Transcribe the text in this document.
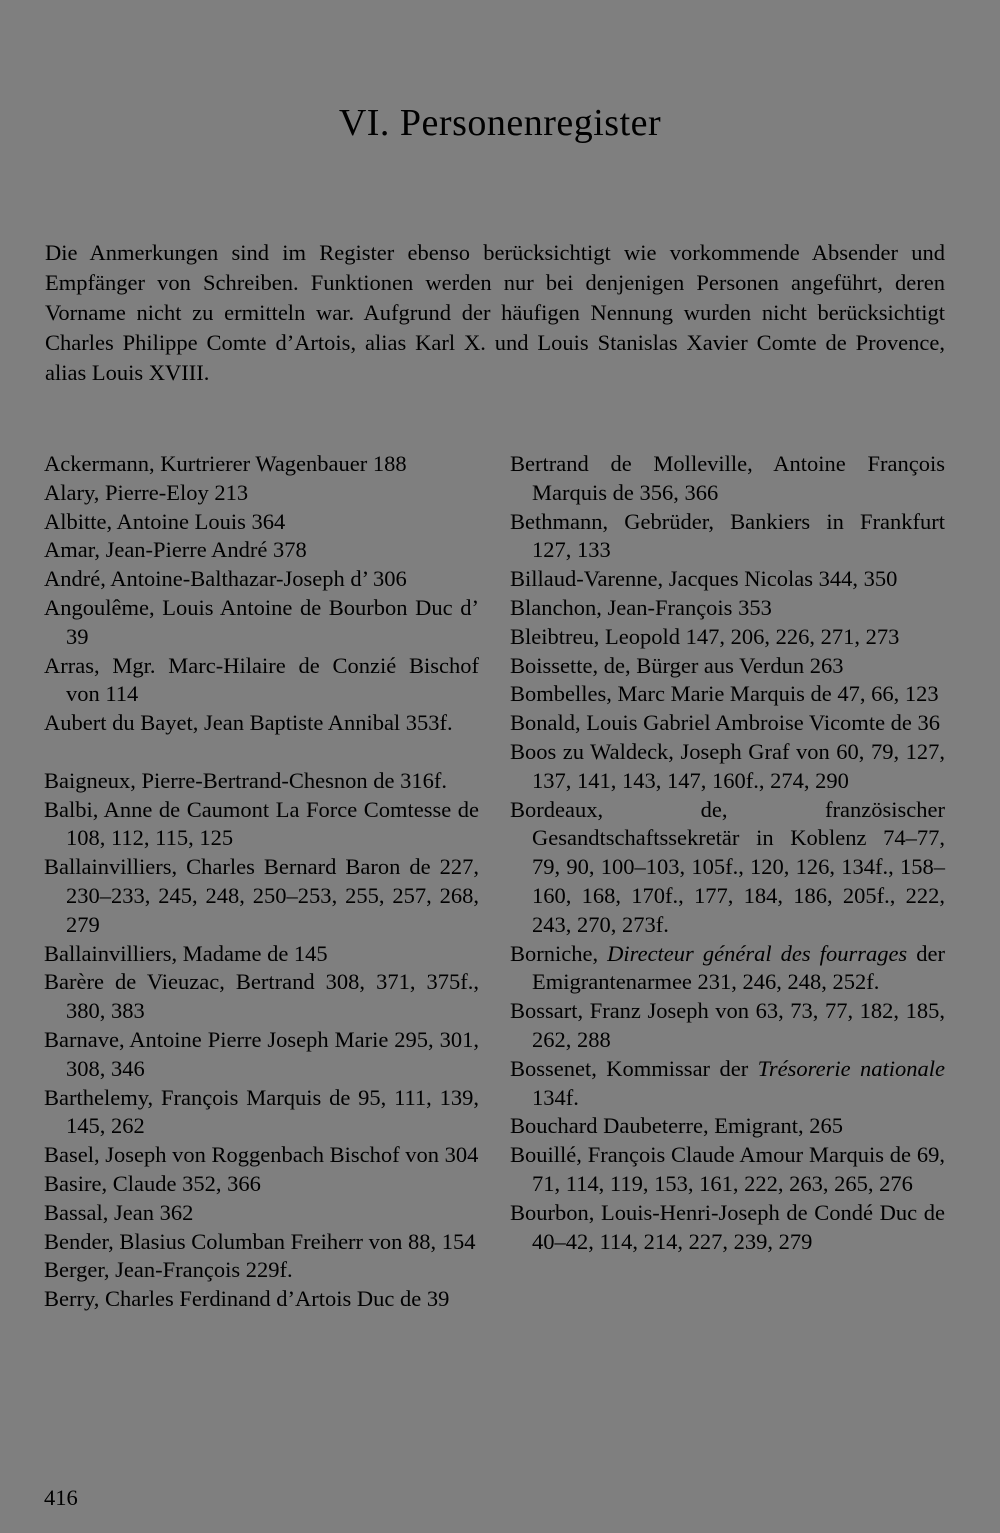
VI. Personenregister
Die Anmerkungen sind im Register ebenso berücksichtigt wie vorkommende Absender und Empfänger von Schreiben. Funktionen werden nur bei denjenigen Personen angeführt, deren Vorname nicht zu ermitteln war. Aufgrund der häufigen Nennung wurden nicht berücksichtigt Charles Philippe Comte d’Artois, alias Karl X. und Louis Stanislas Xavier Comte de Provence, alias Louis XVIII.
Ackermann, Kurtrierer Wagenbauer 188
Alary, Pierre-Eloy 213
Albitte, Antoine Louis 364
Amar, Jean-Pierre André 378
André, Antoine-Balthazar-Joseph d’ 306
Angoulême, Louis Antoine de Bourbon Duc d’ 39
Arras, Mgr. Marc-Hilaire de Conzié Bischof von 114
Aubert du Bayet, Jean Baptiste Annibal 353f.
Baigneux, Pierre-Bertrand-Chesnon de 316f.
Balbi, Anne de Caumont La Force Comtesse de 108, 112, 115, 125
Ballainvilliers, Charles Bernard Baron de 227, 230–233, 245, 248, 250–253, 255, 257, 268, 279
Ballainvilliers, Madame de 145
Barère de Vieuzac, Bertrand 308, 371, 375f., 380, 383
Barnave, Antoine Pierre Joseph Marie 295, 301, 308, 346
Barthelemy, François Marquis de 95, 111, 139, 145, 262
Basel, Joseph von Roggenbach Bischof von 304
Basire, Claude 352, 366
Bassal, Jean 362
Bender, Blasius Columban Freiherr von 88, 154
Berger, Jean-François 229f.
Berry, Charles Ferdinand d’Artois Duc de 39
Bertrand de Molleville, Antoine François Marquis de 356, 366
Bethmann, Gebrüder, Bankiers in Frankfurt 127, 133
Billaud-Varenne, Jacques Nicolas 344, 350
Blanchon, Jean-François 353
Bleibtreu, Leopold 147, 206, 226, 271, 273
Boissette, de, Bürger aus Verdun 263
Bombelles, Marc Marie Marquis de 47, 66, 123
Bonald, Louis Gabriel Ambroise Vicomte de 36
Boos zu Waldeck, Joseph Graf von 60, 79, 127, 137, 141, 143, 147, 160f., 274, 290
Bordeaux, de, französischer Gesandtschaftssekretär in Koblenz 74–77, 79, 90, 100–103, 105f., 120, 126, 134f., 158–160, 168, 170f., 177, 184, 186, 205f., 222, 243, 270, 273f.
Borniche, Directeur général des fourrages der Emigrantenarmee 231, 246, 248, 252f.
Bossart, Franz Joseph von 63, 73, 77, 182, 185, 262, 288
Bossenet, Kommissar der Trésorerie nationale 134f.
Bouchard Daubeterre, Emigrant, 265
Bouillé, François Claude Amour Marquis de 69, 71, 114, 119, 153, 161, 222, 263, 265, 276
Bourbon, Louis-Henri-Joseph de Condé Duc de 40–42, 114, 214, 227, 239, 279
416
